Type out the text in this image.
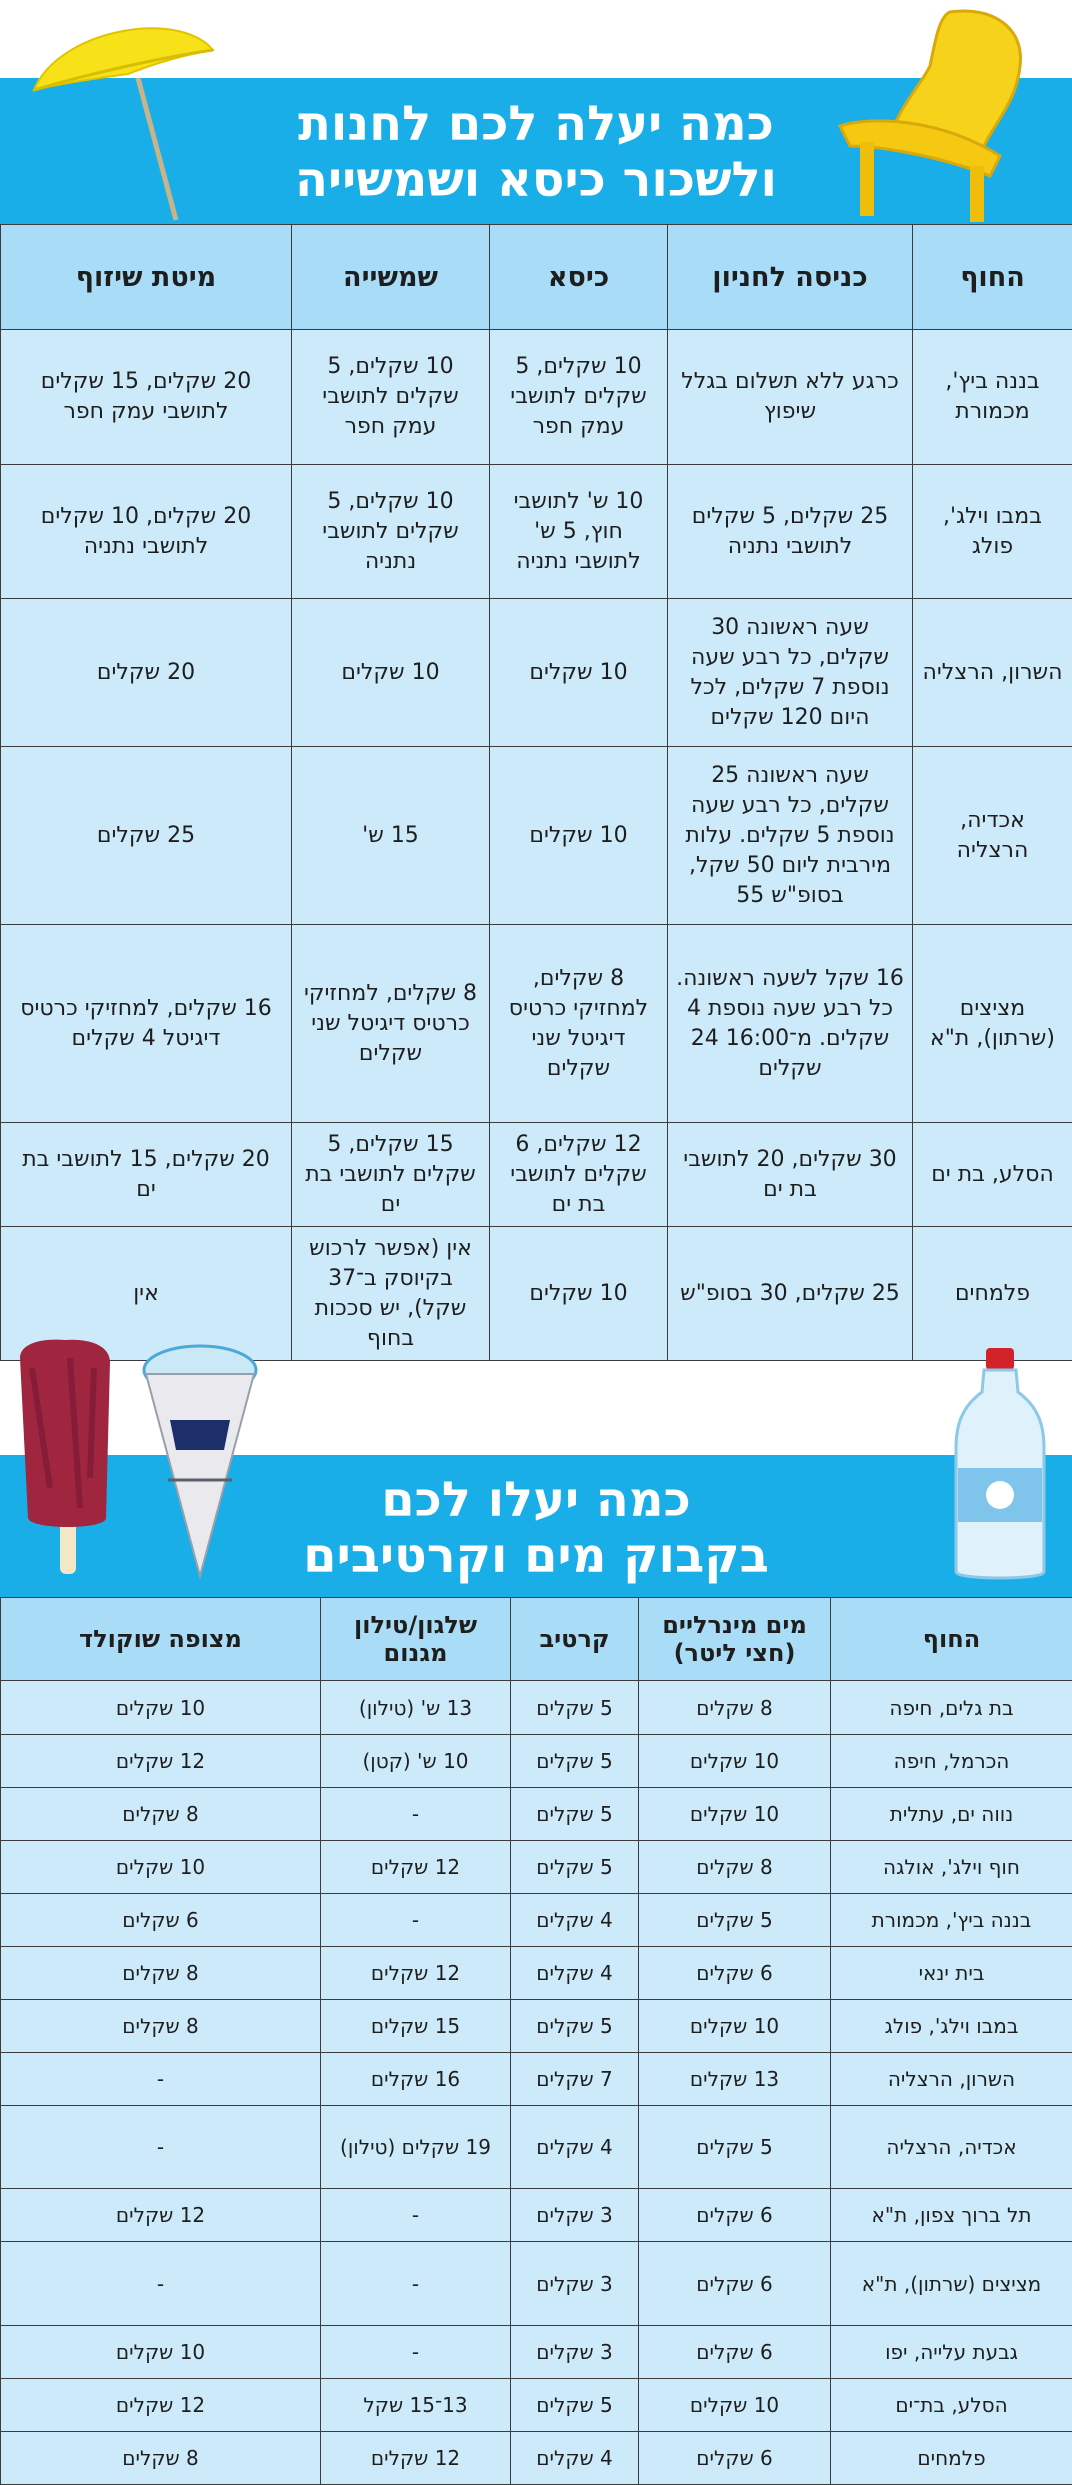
כמה יעלה לכם לחנות
ולשכור כיסא ושמשייה
החוף	כניסה לחניון	כיסא	שמשייה	מיטת שיזוף
בננה ביץ', מכמורת	כרגע ללא תשלום בגלל שיפוץ	10 שקלים, 5 שקלים לתושבי עמק חפר	10 שקלים, 5 שקלים לתושבי עמק חפר	20 שקלים, 15 שקלים לתושבי עמק חפר
במבו וילג', פולג	25 שקלים, 5 שקלים לתושבי נתניה	10 ש' לתושבי חוץ, 5 ש' לתושבי נתניה	10 שקלים, 5 שקלים לתושבי נתניה	20 שקלים, 10 שקלים לתושבי נתניה
השרון, הרצליה	שעה ראשונה 30 שקלים, כל רבע שעה נוספת 7 שקלים, לכל היום 120 שקלים	10 שקלים	10 שקלים	20 שקלים
אכדיה, הרצליה	שעה ראשונה 25 שקלים, כל רבע שעה נוספת 5 שקלים. עלות מירבית ליום 50 שקל, בסופ"ש 55	10 שקלים	15 ש'	25 שקלים
מציצים (שרתון), ת"א	16 שקל לשעה ראשונה. כל רבע שעה נוספת 4 שקלים. מ־16:00 24 שקלים	8 שקלים, למחזיקי כרטיס דיגיטל שני שקלים	8 שקלים, למחזיקי כרטיס דיגיטל שני שקלים	16 שקלים, למחזיקי כרטיס דיגיטל 4 שקלים
הסלע, בת ים	30 שקלים, 20 לתושבי בת ים	12 שקלים, 6 שקלים לתושבי בת ים	15 שקלים, 5 שקלים לתושבי בת ים	20 שקלים, 15 לתושבי בת ים
פלמחים	25 שקלים, 30 בסופ"ש	10 שקלים	אין (אפשר לרכוש בקיוסק ב־37 שקל), יש סככות בחוף	אין
כמה יעלו לכם
בקבוק מים וקרטיבים
החוף	מים מינרליים (חצי ליטר)	קרטיב	שלגון/טילון מגנום	מצופה שוקולד
בת גלים, חיפה	8 שקלים	5 שקלים	13 ש' (טילון)	10 שקלים
הכרמל, חיפה	10 שקלים	5 שקלים	10 ש' (קטן)	12 שקלים
נווה ים, עתלית	10 שקלים	5 שקלים	-	8 שקלים
חוף וילג', אולגה	8 שקלים	5 שקלים	12 שקלים	10 שקלים
בננה ביץ', מכמורת	5 שקלים	4 שקלים	-	6 שקלים
בית ינאי	6 שקלים	4 שקלים	12 שקלים	8 שקלים
במבו וילג', פולג	10 שקלים	5 שקלים	15 שקלים	8 שקלים
השרון, הרצליה	13 שקלים	7 שקלים	16 שקלים	-
אכדיה, הרצליה	5 שקלים	4 שקלים	19 שקלים (טילון)	-
תל ברוך צפון, ת"א	6 שקלים	3 שקלים	-	12 שקלים
מציצים (שרתון), ת"א	6 שקלים	3 שקלים	-	-
גבעת עלייה, יפו	6 שקלים	3 שקלים	-	10 שקלים
הסלע, בת־ים	10 שקלים	5 שקלים	13־15 שקל	12 שקלים
פלמחים	6 שקלים	4 שקלים	12 שקלים	8 שקלים
